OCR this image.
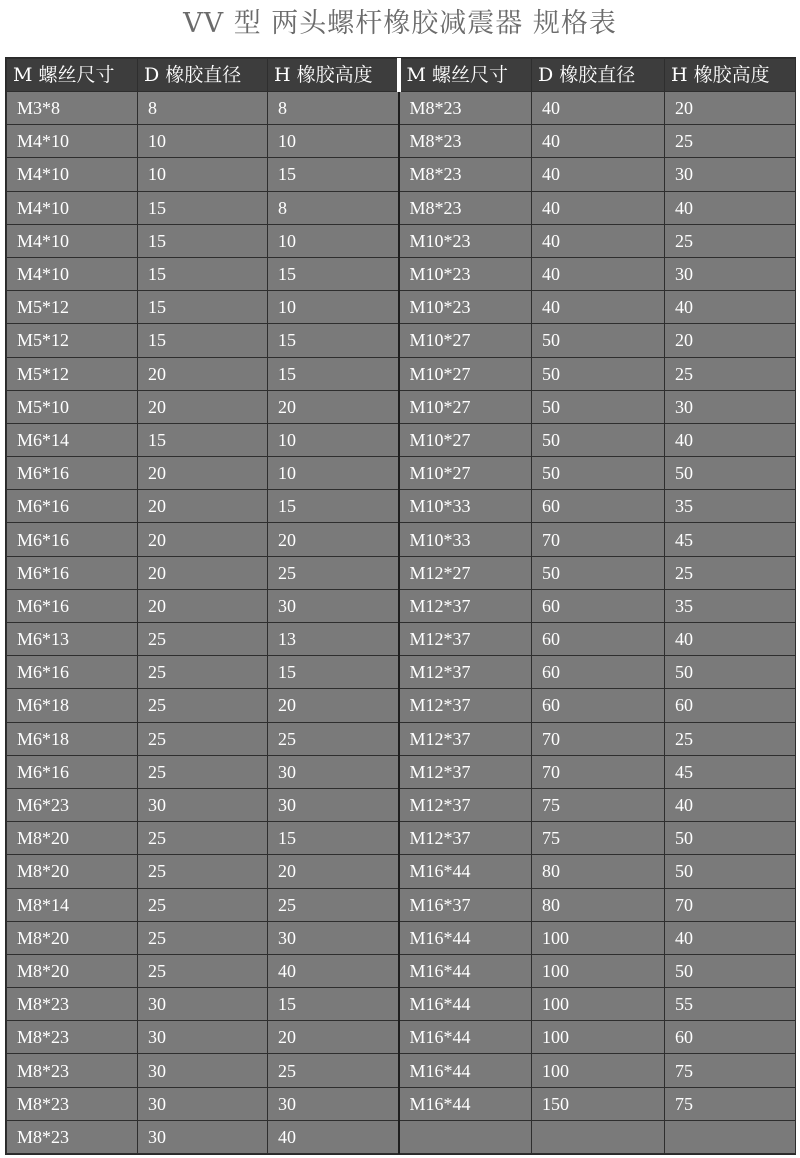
VV 型 两头螺杆橡胶减震器 规格表
M 螺丝尺寸	D 橡胶直径	H 橡胶高度	M 螺丝尺寸	D 橡胶直径	H 橡胶高度
M3*8	8	8	M8*23	40	20
M4*10	10	10	M8*23	40	25
M4*10	10	15	M8*23	40	30
M4*10	15	8	M8*23	40	40
M4*10	15	10	M10*23	40	25
M4*10	15	15	M10*23	40	30
M5*12	15	10	M10*23	40	40
M5*12	15	15	M10*27	50	20
M5*12	20	15	M10*27	50	25
M5*10	20	20	M10*27	50	30
M6*14	15	10	M10*27	50	40
M6*16	20	10	M10*27	50	50
M6*16	20	15	M10*33	60	35
M6*16	20	20	M10*33	70	45
M6*16	20	25	M12*27	50	25
M6*16	20	30	M12*37	60	35
M6*13	25	13	M12*37	60	40
M6*16	25	15	M12*37	60	50
M6*18	25	20	M12*37	60	60
M6*18	25	25	M12*37	70	25
M6*16	25	30	M12*37	70	45
M6*23	30	30	M12*37	75	40
M8*20	25	15	M12*37	75	50
M8*20	25	20	M16*44	80	50
M8*14	25	25	M16*37	80	70
M8*20	25	30	M16*44	100	40
M8*20	25	40	M16*44	100	50
M8*23	30	15	M16*44	100	55
M8*23	30	20	M16*44	100	60
M8*23	30	25	M16*44	100	75
M8*23	30	30	M16*44	150	75
M8*23	30	40			
